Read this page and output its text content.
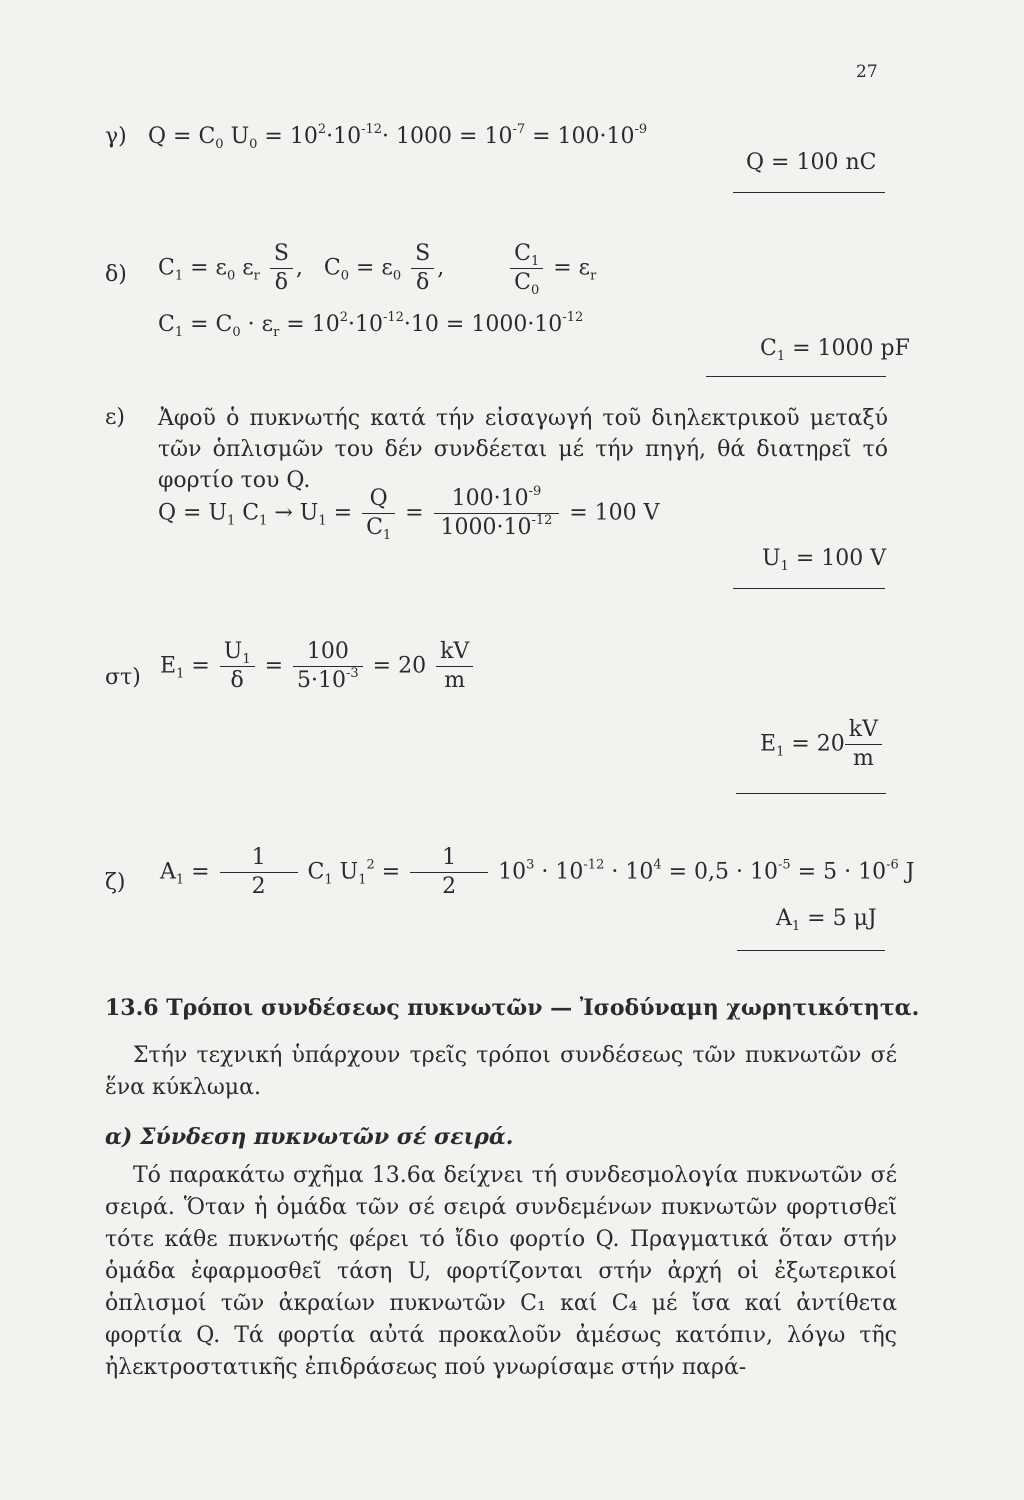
27
γ) $Q = C_0$ $U_0 = 10^2\cdot 10^{-12}\cdot 1000 = 10^{-7} = 100\cdot 10^{-9}$
Q = 100 nC
δ) $C_1 = \varepsilon_0$ $\varepsilon_r \frac{S}{\delta}$ ,   $C_0 = \varepsilon_0 \frac{S}{\delta}$ , $\frac{C_1}{C_0} = \varepsilon_r$
$C_1 = C_0 \cdot \varepsilon_r = 10^2\cdot 10^{-12}\cdot 10 = 1000\cdot 10^{-12}$
$C_1 = 1000$ pF
ε) Ἀφοῦ ὁ πυκνωτής κατά τήν εἰσαγωγή τοῦ διηλεκτρικοῦ μεταξύ τῶν ὁπλισμῶν του δέν συνδέεται μέ τήν πηγή, θά διατηρεῖ τό φορτίο του Q.
$Q = U_1$ $C_1 \to U_1 = \frac{Q}{C_1} = \frac{100\cdot 10^{-9}}{1000\cdot 10^{-12}} = 100$ V
$U_1 = 100$ V
στ) $E_1 = \frac{U_1}{\delta} = \frac{100}{5\cdot 10^{-3}} = 20 \frac{kV}{m}$
$E_1 = 20 \frac{kV}{m}$
ζ) $A_1 = \frac{1}{2} C_1$ $U_1^2 = \frac{1}{2} 10^3 \cdot 10^{-12} \cdot 10^4 = 0,5 \cdot 10^{-5} = 5 \cdot 10^{-6}$ J
$A_1 = 5$ μJ
13.6 Τρόποι συνδέσεως πυκνωτῶν — Ἰσοδύναμη χωρητικότητα.
Στήν τεχνική ὑπάρχουν τρεῖς τρόποι συνδέσεως τῶν πυκνωτῶν σέ ἕνα κύκλωμα.
α) Σύνδεση πυκνωτῶν σέ σειρά.
Τό παρακάτω σχῆμα 13.6α δείχνει τή συνδεσμολογία πυκνωτῶν σέ σειρά. Ὅταν ἡ ὁμάδα τῶν σέ σειρά συνδεμένων πυκνωτῶν φορτισθεῖ τότε κάθε πυκνωτής φέρει τό ἴδιο φορτίο Q. Πραγματικά ὅταν στήν ὁμάδα ἐφαρμοσθεῖ τάση U, φορτίζονται στήν ἀρχή οἱ ἐξωτερικοί ὁπλισμοί τῶν ἀκραίων πυκνωτῶν C₁ καί C₄ μέ ἴσα καί ἀντίθετα φορτία Q. Τά φορτία αὐτά προκαλοῦν ἀμέσως κατόπιν, λόγω τῆς ἠλεκτροστατικῆς ἐπιδράσεως πού γνωρίσαμε στήν παρά-
